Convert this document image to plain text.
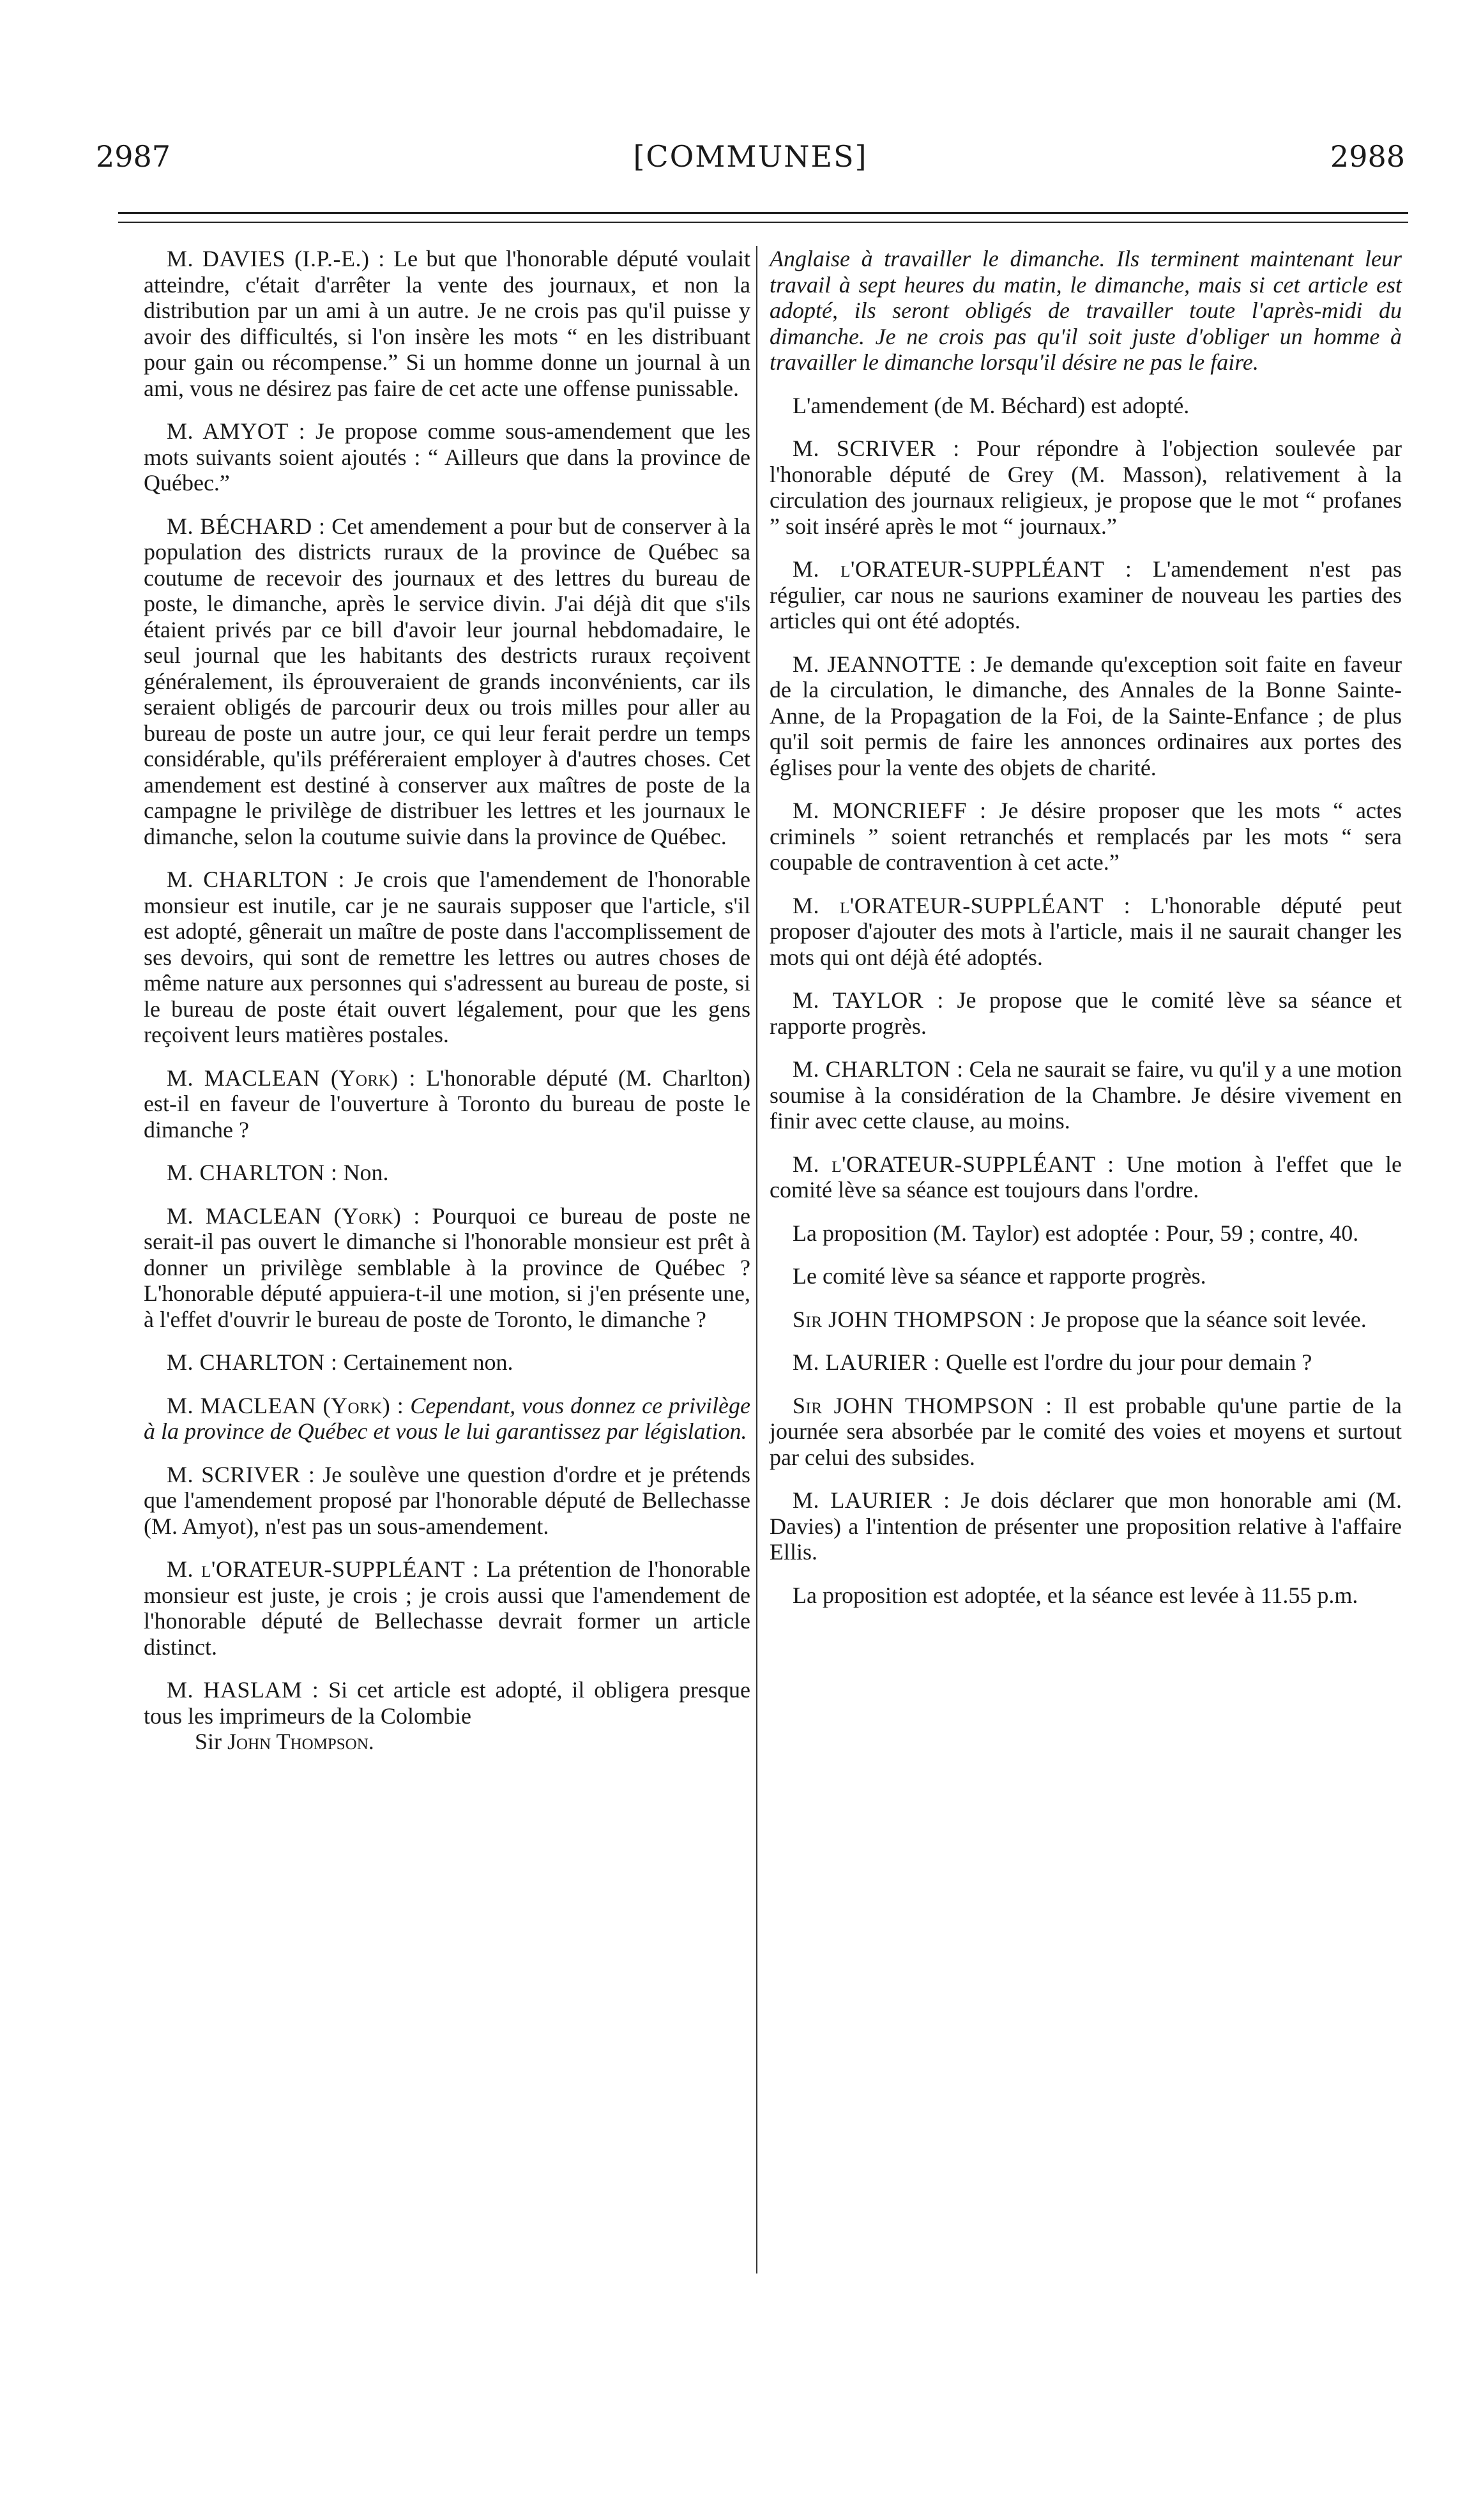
2987	[COMMUNES]	2988

M. DAVIES (I.P.-E.) : Le but que l'honorable député voulait atteindre, c'était d'arrêter la vente des journaux, et non la distribution par un ami à un autre. Je ne crois pas qu'il puisse y avoir des difficultés, si l'on insère les mots “ en les distribuant pour gain ou récompense.” Si un homme donne un journal à un ami, vous ne désirez pas faire de cet acte une offense punissable.

M. AMYOT : Je propose comme sous-amendement que les mots suivants soient ajoutés : “ Ailleurs que dans la province de Québec.”

M. BÉCHARD : Cet amendement a pour but de conserver à la population des districts ruraux de la province de Québec sa coutume de recevoir des journaux et des lettres du bureau de poste, le dimanche, après le service divin. J'ai déjà dit que s'ils étaient privés par ce bill d'avoir leur journal hebdomadaire, le seul journal que les habitants des destricts ruraux reçoivent généralement, ils éprouveraient de grands inconvénients, car ils seraient obligés de parcourir deux ou trois milles pour aller au bureau de poste un autre jour, ce qui leur ferait perdre un temps considérable, qu'ils préféreraient employer à d'autres choses. Cet amendement est destiné à conserver aux maîtres de poste de la campagne le privilège de distribuer les lettres et les journaux le dimanche, selon la coutume suivie dans la province de Québec.

M. CHARLTON : Je crois que l'amendement de l'honorable monsieur est inutile, car je ne saurais supposer que l'article, s'il est adopté, gênerait un maître de poste dans l'accomplissement de ses devoirs, qui sont de remettre les lettres ou autres choses de même nature aux personnes qui s'adressent au bureau de poste, si le bureau de poste était ouvert légalement, pour que les gens reçoivent leurs matières postales.

M. MACLEAN (York) : L'honorable député (M. Charlton) est-il en faveur de l'ouverture à Toronto du bureau de poste le dimanche ?

M. CHARLTON : Non.

M. MACLEAN (York) : Pourquoi ce bureau de poste ne serait-il pas ouvert le dimanche si l'honorable monsieur est prêt à donner un privilège semblable à la province de Québec ? L'honorable député appuiera-t-il une motion, si j'en présente une, à l'effet d'ouvrir le bureau de poste de Toronto, le dimanche ?

M. CHARLTON : Certainement non.

M. MACLEAN (York) : Cependant, vous donnez ce privilège à la province de Québec et vous le lui garantissez par législation.

M. SCRIVER : Je soulève une question d'ordre et je prétends que l'amendement proposé par l'honorable député de Bellechasse (M. Amyot), n'est pas un sous-amendement.

M. l'ORATEUR-SUPPLÉANT : La prétention de l'honorable monsieur est juste, je crois ; je crois aussi que l'amendement de l'honorable député de Bellechasse devrait former un article distinct.

M. HASLAM : Si cet article est adopté, il obligera presque tous les imprimeurs de la Colombie

Sir John Thompson.

Anglaise à travailler le dimanche. Ils terminent maintenant leur travail à sept heures du matin, le dimanche, mais si cet article est adopté, ils seront obligés de travailler toute l'après-midi du dimanche. Je ne crois pas qu'il soit juste d'obliger un homme à travailler le dimanche lorsqu'il désire ne pas le faire.

L'amendement (de M. Béchard) est adopté.

M. SCRIVER : Pour répondre à l'objection soulevée par l'honorable député de Grey (M. Masson), relativement à la circulation des journaux religieux, je propose que le mot “ profanes ” soit inséré après le mot “ journaux.”

M. l'ORATEUR-SUPPLÉANT : L'amendement n'est pas régulier, car nous ne saurions examiner de nouveau les parties des articles qui ont été adoptés.

M. JEANNOTTE : Je demande qu'exception soit faite en faveur de la circulation, le dimanche, des Annales de la Bonne Sainte-Anne, de la Propagation de la Foi, de la Sainte-Enfance ; de plus qu'il soit permis de faire les annonces ordinaires aux portes des églises pour la vente des objets de charité.

M. MONCRIEFF : Je désire proposer que les mots “ actes criminels ” soient retranchés et remplacés par les mots “ sera coupable de contravention à cet acte.”

M. l'ORATEUR-SUPPLÉANT : L'honorable député peut proposer d'ajouter des mots à l'article, mais il ne saurait changer les mots qui ont déjà été adoptés.

M. TAYLOR : Je propose que le comité lève sa séance et rapporte progrès.

M. CHARLTON : Cela ne saurait se faire, vu qu'il y a une motion soumise à la considération de la Chambre. Je désire vivement en finir avec cette clause, au moins.

M. l'ORATEUR-SUPPLÉANT : Une motion à l'effet que le comité lève sa séance est toujours dans l'ordre.

La proposition (M. Taylor) est adoptée : Pour, 59 ; contre, 40.

Le comité lève sa séance et rapporte progrès.

Sir JOHN THOMPSON : Je propose que la séance soit levée.

M. LAURIER : Quelle est l'ordre du jour pour demain ?

Sir JOHN THOMPSON : Il est probable qu'une partie de la journée sera absorbée par le comité des voies et moyens et surtout par celui des subsides.

M. LAURIER : Je dois déclarer que mon honorable ami (M. Davies) a l'intention de présenter une proposition relative à l'affaire Ellis.

La proposition est adoptée, et la séance est levée à 11.55 p.m.
